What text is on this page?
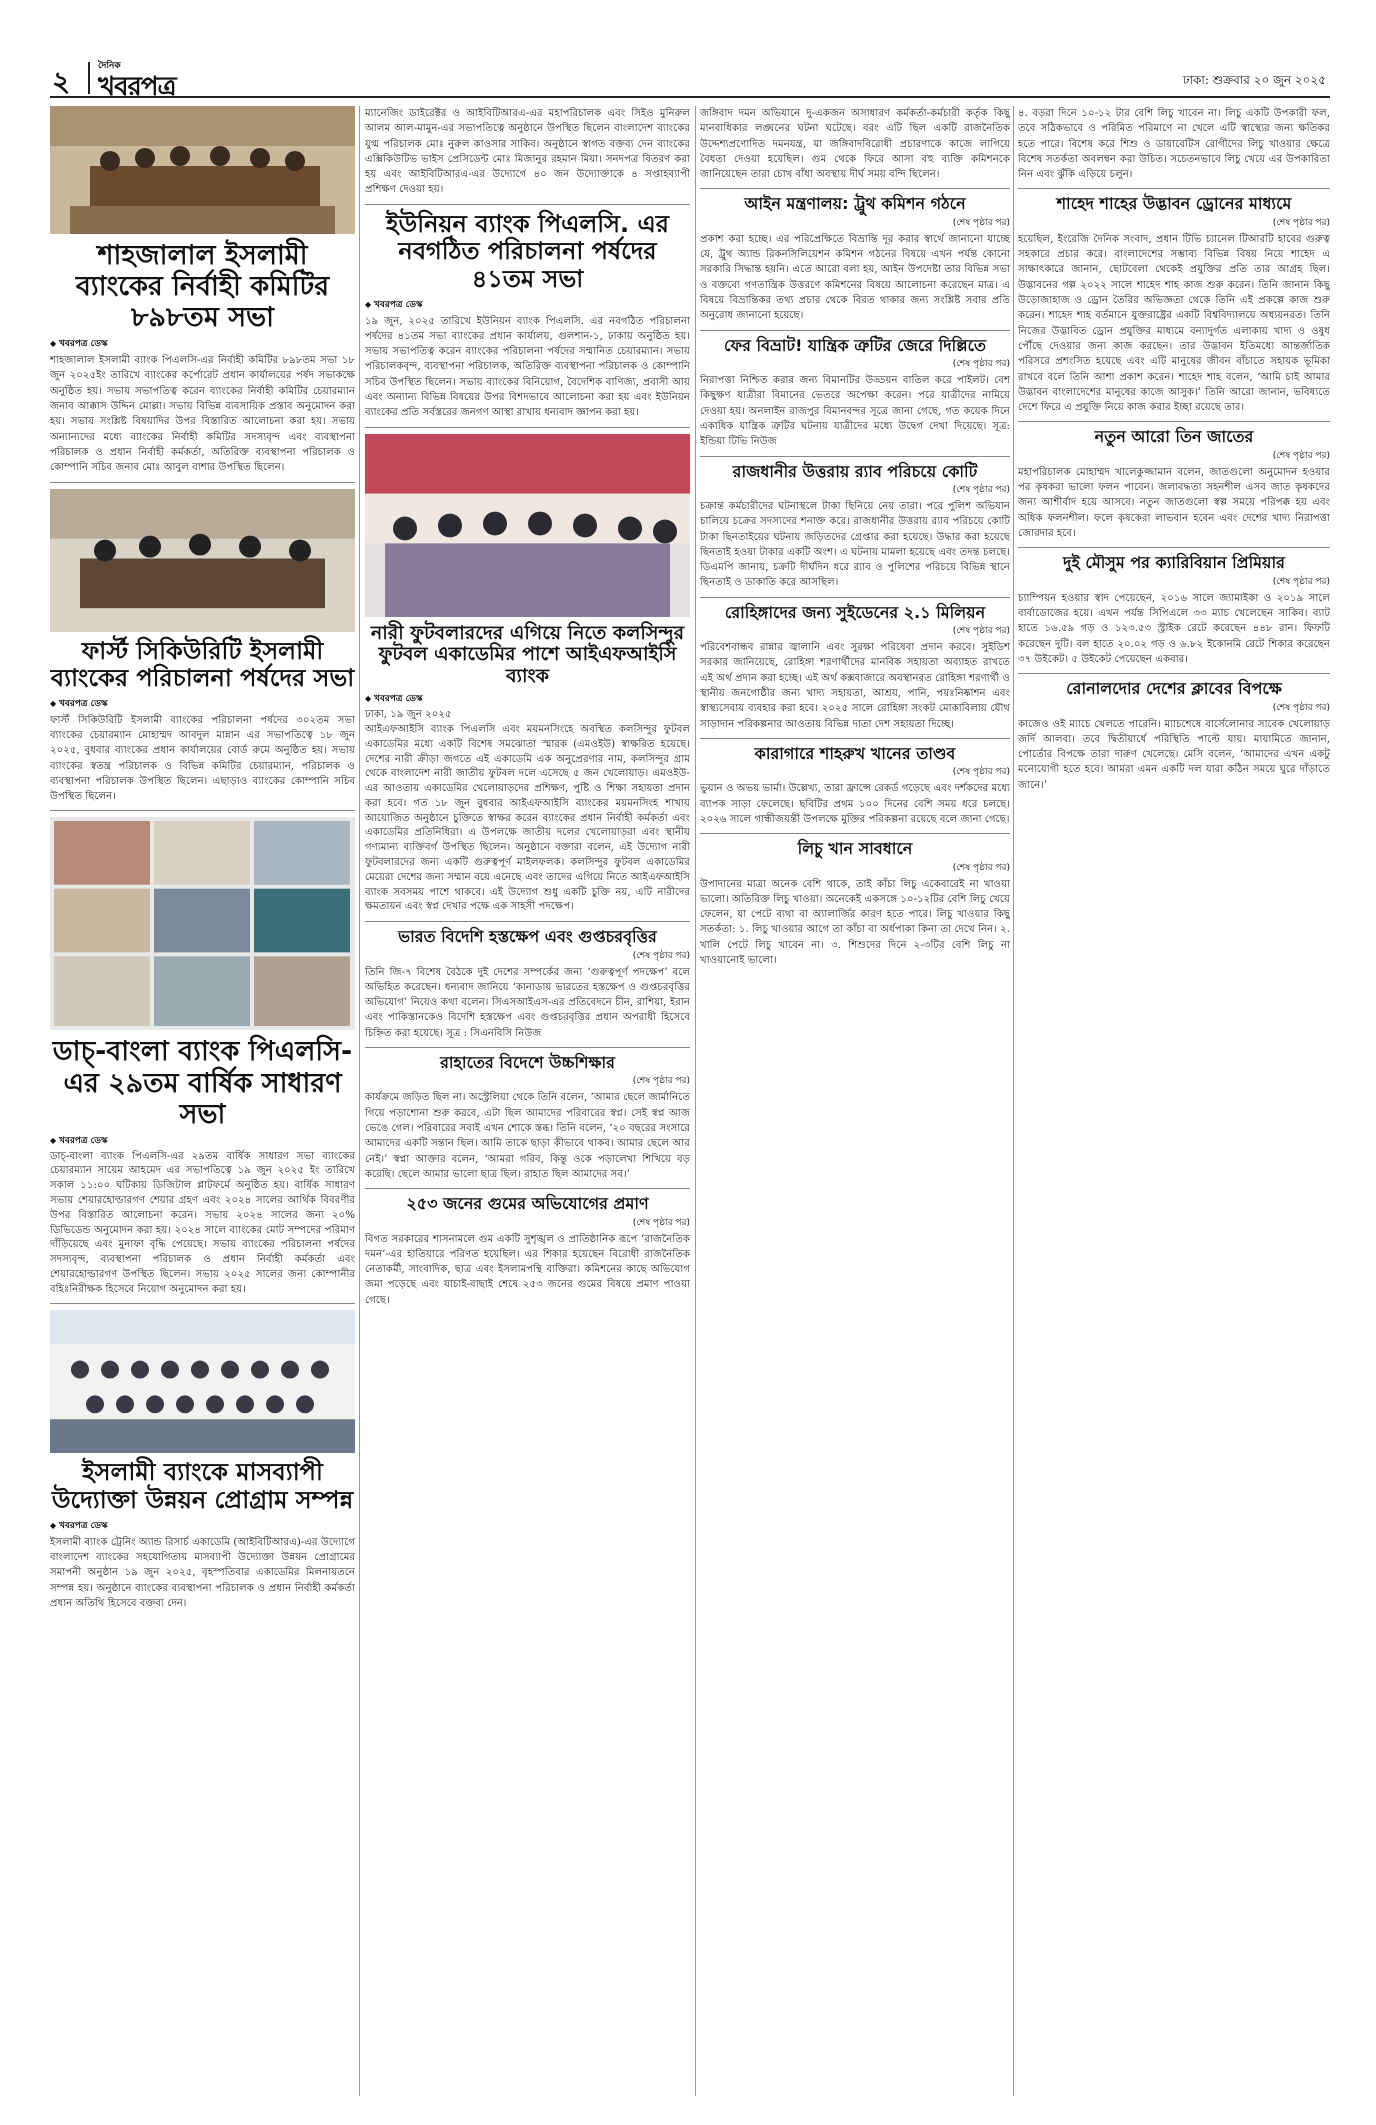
২	দৈনিক
খবরপত্র	ঢাকা: শুক্রবার ২০ জুন ২০২৫
শাহজালাল ইসলামী ব্যাংকের নির্বাহী কমিটির ৮৯৮তম সভা
◆ খবরপত্র ডেস্ক
শাহজালাল ইসলামী ব্যাংক পিএলসি-এর নির্বাহী কমিটির ৮৯৮তম সভা ১৮ জুন ২০২৫ইং তারিখে ব্যাংকের কর্পোরেট প্রধান কার্যালয়ের পর্ষদ সভাকক্ষে অনুষ্ঠিত হয়। সভায় সভাপতিত্ব করেন ব্যাংকের নির্বাহী কমিটির চেয়ারম্যান জনাব আক্কাস উদ্দিন মোল্লা। সভায় বিভিন্ন ব্যবসায়িক প্রস্তাব অনুমোদন করা হয়। সভায় সংশ্লিষ্ট বিষয়াদির উপর বিস্তারিত আলোচনা করা হয়। সভায় অন্যান্যদের মধ্যে ব্যাংকের নির্বাহী কমিটির সদস্যবৃন্দ এবং ব্যবস্থাপনা পরিচালক ও প্রধান নির্বাহী কর্মকর্তা, অতিরিক্ত ব্যবস্থাপনা পরিচালক ও কোম্পানি সচিব জনাব মোঃ আবুল বাশার উপস্থিত ছিলেন।
ফার্স্ট সিকিউরিটি ইসলামী ব্যাংকের পরিচালনা পর্ষদের সভা
◆ খবরপত্র ডেস্ক
ফার্স্ট সিকিউরিটি ইসলামী ব্যাংকের পরিচালনা পর্ষদের ৩০২তম সভা ব্যাংকের চেয়ারম্যান মোহাম্মদ আবদুল মান্নান এর সভাপতিত্বে ১৮ জুন ২০২৫, বুধবার ব্যাংকের প্রধান কার্যালয়ের বোর্ড রুমে অনুষ্ঠিত হয়। সভায় ব্যাংকের স্বতন্ত্র পরিচালক ও বিভিন্ন কমিটির চেয়ারম্যান, পরিচালক ও ব্যবস্থাপনা পরিচালক উপস্থিত ছিলেন। এছাড়াও ব্যাংকের কোম্পানি সচিব উপস্থিত ছিলেন।
ডাচ্-বাংলা ব্যাংক পিএলসি-এর ২৯তম বার্ষিক সাধারণ সভা
◆ খবরপত্র ডেস্ক
ডাচ্-বাংলা ব্যাংক পিএলসি-এর ২৯তম বার্ষিক সাধারণ সভা ব্যাংকের চেয়ারম্যান সায়েম আহমেদ এর সভাপতিত্বে ১৯ জুন ২০২৫ ইং তারিখে সকাল ১১:০০ ঘটিকায় ডিজিটাল প্লাটফর্মে অনুষ্ঠিত হয়। বার্ষিক সাধারণ সভায় শেয়ারহোল্ডারগণ শেয়ার গ্রহণ এবং ২০২৪ সালের আর্থিক বিবরণীর উপর বিস্তারিত আলোচনা করেন। সভায় ২০২৪ সালের জন্য ২০% ডিভিডেন্ড অনুমোদন করা হয়। ২০২৪ সালে ব্যাংকের মোট সম্পদের পরিমাণ দাঁড়িয়েছে এবং মুনাফা বৃদ্ধি পেয়েছে। সভায় ব্যাংকের পরিচালনা পর্ষদের সদস্যবৃন্দ, ব্যবস্থাপনা পরিচালক ও প্রধান নির্বাহী কর্মকর্তা এবং শেয়ারহোল্ডারগণ উপস্থিত ছিলেন। সভায় ২০২৫ সালের জন্য কোম্পানীর বহিঃনিরীক্ষক হিসেবে নিয়োগ অনুমোদন করা হয়।
ইসলামী ব্যাংকে মাসব্যাপী উদ্যোক্তা উন্নয়ন প্রোগ্রাম সম্পন্ন
◆ খবরপত্র ডেস্ক
ইসলামী ব্যাংক ট্রেনিং অ্যান্ড রিসার্চ একাডেমি (আইবিটিআরএ)-এর উদ্যোগে বাংলাদেশ ব্যাংকের সহযোগিতায় মাসব্যাপী উদ্যোক্তা উন্নয়ন প্রোগ্রামের সমাপনী অনুষ্ঠান ১৯ জুন ২০২৫, বৃহস্পতিবার একাডেমির মিলনায়তনে সম্পন্ন হয়। অনুষ্ঠানে ব্যাংকের ব্যবস্থাপনা পরিচালক ও প্রধান নির্বাহী কর্মকর্তা প্রধান অতিথি হিসেবে বক্তব্য দেন।
ম্যানেজিং ডাইরেক্টর ও আইবিটিআরএ-এর মহাপরিচালক এবং সিইও মুনিরুল আলম আল-মামুন-এর সভাপতিত্বে অনুষ্ঠানে উপস্থিত ছিলেন বাংলাদেশ ব্যাংকের যুগ্ম পরিচালক মোঃ নুরুল কাওসার সাকিব। অনুষ্ঠানে স্বাগত বক্তব্য দেন ব্যাংকের এক্সিকিউটিভ ভাইস প্রেসিডেন্ট মোঃ মিজানুর রহমান মিয়া। সনদপত্র বিতরণ করা হয় এবং আইবিটিআরএ-এর উদ্যোগে ৪০ জন উদ্যোক্তাকে ৪ সপ্তাহব্যাপী প্রশিক্ষণ দেওয়া হয়।
ইউনিয়ন ব্যাংক পিএলসি. এর নবগঠিত পরিচালনা পর্ষদের ৪১তম সভা
◆ খবরপত্র ডেস্ক
১৯ জুন, ২০২৫ তারিখে ইউনিয়ন ব্যাংক পিএলসি. এর নবগঠিত পরিচালনা পর্ষদের ৪১তম সভা ব্যাংকের প্রধান কার্যালয়, গুলশান-১, ঢাকায় অনুষ্ঠিত হয়। সভায় সভাপতিত্ব করেন ব্যাংকের পরিচালনা পর্ষদের সম্মানিত চেয়ারম্যান। সভায় পরিচালকবৃন্দ, ব্যবস্থাপনা পরিচালক, অতিরিক্ত ব্যবস্থাপনা পরিচালক ও কোম্পানি সচিব উপস্থিত ছিলেন। সভায় ব্যাংকের বিনিয়োগ, বৈদেশিক বাণিজ্য, প্রবাসী আয় এবং অন্যান্য বিভিন্ন বিষয়ের উপর বিশদভাবে আলোচনা করা হয় এবং ইউনিয়ন ব্যাংকের প্রতি সর্বস্তরের জনগণ আস্থা রাখায় ধন্যবাদ জ্ঞাপন করা হয়।
নারী ফুটবলারদের এগিয়ে নিতে কলসিন্দুর ফুটবল একাডেমির পাশে আইএফআইসি ব্যাংক
◆ খবরপত্র ডেস্ক
ঢাকা, ১৯ জুন ২০২৫
আইএফআইসি ব্যাংক পিএলসি এবং ময়মনসিংহে অবস্থিত কলসিন্দুর ফুটবল একাডেমির মধ্যে একটি বিশেষ সমঝোতা স্মারক (এমওইউ) স্বাক্ষরিত হয়েছে। দেশের নারী ক্রীড়া জগতে এই একাডেমি এক অনুপ্রেরণার নাম, কলসিন্দুর গ্রাম থেকে বাংলাদেশ নারী জাতীয় ফুটবল দলে এসেছে ৫ জন খেলোয়াড়। এমওইউ-এর আওতায় একাডেমির খেলোয়াড়দের প্রশিক্ষণ, পুষ্টি ও শিক্ষা সহায়তা প্রদান করা হবে। গত ১৮ জুন বুধবার আইএফআইসি ব্যাংকের ময়মনসিংহ শাখায় আয়োজিত অনুষ্ঠানে চুক্তিতে স্বাক্ষর করেন ব্যাংকের প্রধান নির্বাহী কর্মকর্তা এবং একাডেমির প্রতিনিধিরা। এ উপলক্ষে জাতীয় দলের খেলোয়াড়রা এবং স্থানীয় গণ্যমান্য ব্যক্তিবর্গ উপস্থিত ছিলেন। অনুষ্ঠানে বক্তারা বলেন, এই উদ্যোগ নারী ফুটবলারদের জন্য একটি গুরুত্বপূর্ণ মাইলফলক। কলসিন্দুর ফুটবল একাডেমির মেয়েরা দেশের জন্য সম্মান বয়ে এনেছে এবং তাদের এগিয়ে নিতে আইএফআইসি ব্যাংক সবসময় পাশে থাকবে। এই উদ্যোগ শুধু একটি চুক্তি নয়, এটি নারীদের ক্ষমতায়ন এবং স্বপ্ন দেখার পক্ষে এক সাহসী পদক্ষেপ।
ভারত বিদেশি হস্তক্ষেপ এবং গুপ্তচরবৃত্তির
(শেষ পৃষ্ঠার পর)
তিনি জি-৭ বিশেষ বৈঠকে দুই দেশের সম্পর্কের জন্য ‘গুরুত্বপূর্ণ পদক্ষেপ’ বলে অভিহিত করেছেন। ধন্যবাদ জানিয়ে ‘কানাডায় ভারতের হস্তক্ষেপ ও গুপ্তচরবৃত্তির অভিযোগ’ নিয়েও কথা বলেন। সিএসআইএস-এর প্রতিবেদনে চীন, রাশিয়া, ইরান এবং পাকিস্তানকেও বিদেশি হস্তক্ষেপ এবং গুপ্তচরবৃত্তির প্রধান অপরাধী হিসেবে চিহ্নিত করা হয়েছে। সূত্র : সিএনবিসি নিউজ
রাহাতের বিদেশে উচ্চশিক্ষার
(শেষ পৃষ্ঠার পর)
কার্যক্রমে জড়িত ছিল না। অস্ট্রেলিয়া থেকে তিনি বলেন, ‘আমার ছেলে জার্মানিতে গিয়ে পড়াশোনা শুরু করবে, এটা ছিল আমাদের পরিবারের স্বপ্ন। সেই স্বপ্ন আজ ভেঙে গেল। পরিবারের সবাই এখন শোকে স্তব্ধ। তিনি বলেন, ‘২০ বছরের সংসারে আমাদের একটি সন্তান ছিল। আমি তাকে ছাড়া কীভাবে থাকব। আমার ছেলে আর নেই।’ স্বপ্না আক্তার বলেন, ‘আমরা গরিব, কিন্তু ওকে পড়ালেখা শিখিয়ে বড় করেছি। ছেলে আমার ভালো ছাত্র ছিল। রাহাত ছিল আমাদের সব।’
২৫৩ জনের গুমের অভিযোগের প্রমাণ
(শেষ পৃষ্ঠার পর)
বিগত সরকারের শাসনামলে গুম একটি সুশৃঙ্খল ও প্রাতিষ্ঠানিক রূপে ‘রাজনৈতিক দমন’-এর হাতিয়ারে পরিণত হয়েছিল। এর শিকার হয়েছেন বিরোধী রাজনৈতিক নেতাকর্মী, সাংবাদিক, ছাত্র এবং ইসলামপন্থি ব্যক্তিরা। কমিশনের কাছে অভিযোগ জমা পড়েছে এবং যাচাই-বাছাই শেষে ২৫৩ জনের গুমের বিষয়ে প্রমাণ পাওয়া গেছে।
জঙ্গিবাদ দমন অভিযানে দু-একজন অসাধারণ কর্মকর্তা-কর্মচারী কর্তৃক কিছু মানবাধিকার লঙ্ঘনের ঘটনা ঘটেছে। বরং এটি ছিল একটি রাজনৈতিক উদ্দেশ্যপ্রণোদিত দমনযন্ত্র, যা জঙ্গিবাদবিরোধী প্রচারণাকে কাজে লাগিয়ে বৈধতা দেওয়া হয়েছিল। গুম থেকে ফিরে আসা বহু ব্যক্তি কমিশনকে জানিয়েছেন তারা চোখ বাঁধা অবস্থায় দীর্ঘ সময় বন্দি ছিলেন।
আইন মন্ত্রণালয়: ট্রুথ কমিশন গঠনে
(শেষ পৃষ্ঠার পর)
প্রকাশ করা হচ্ছে। এর পরিপ্রেক্ষিতে বিভ্রান্তি দূর করার স্বার্থে জানানো যাচ্ছে যে, ট্রুথ অ্যান্ড রিকনসিলিয়েশন কমিশন গঠনের বিষয়ে এখন পর্যন্ত কোনো সরকারি সিদ্ধান্ত হয়নি। এতে আরো বলা হয়, আইন উপদেষ্টা তার বিভিন্ন সভা ও বক্তব্যে গণতান্ত্রিক উত্তরণে কমিশনের বিষয়ে আলোচনা করেছেন মাত্র। এ বিষয়ে বিভ্রান্তিকর তথ্য প্রচার থেকে বিরত থাকার জন্য সংশ্লিষ্ট সবার প্রতি অনুরোধ জানানো হয়েছে।
ফের বিভ্রাট! যান্ত্রিক ত্রুটির জেরে দিল্লিতে
(শেষ পৃষ্ঠার পর)
নিরাপত্তা নিশ্চিত করার জন্য বিমানটির উড্ডয়ন বাতিল করে পাইলট। বেশ কিছুক্ষণ যাত্রীরা বিমানের ভেতরে অপেক্ষা করেন। পরে যাত্রীদের নামিয়ে দেওয়া হয়। অনলাইন রাজপুর বিমানবন্দর সূত্রে জানা গেছে, গত কয়েক দিনে একাধিক যান্ত্রিক ত্রুটির ঘটনায় যাত্রীদের মধ্যে উদ্বেগ দেখা দিয়েছে। সূত্র: ইন্ডিয়া টিভি নিউজ
রাজধানীর উত্তরায় র‍্যাব পরিচয়ে কোটি
(শেষ পৃষ্ঠার পর)
চক্রান্ত কর্মচারীদের ঘটনাস্থলে টাকা ছিনিয়ে নেয় তারা। পরে পুলিশ অভিযান চালিয়ে চক্রের সদস্যদের শনাক্ত করে। রাজধানীর উত্তরায় র‍্যাব পরিচয়ে কোটি টাকা ছিনতাইয়ের ঘটনায় জড়িতদের গ্রেপ্তার করা হয়েছে। উদ্ধার করা হয়েছে ছিনতাই হওয়া টাকার একটি অংশ। এ ঘটনায় মামলা হয়েছে এবং তদন্ত চলছে। ডিএমপি জানায়, চক্রটি দীর্ঘদিন ধরে র‍্যাব ও পুলিশের পরিচয়ে বিভিন্ন স্থানে ছিনতাই ও ডাকাতি করে আসছিল।
রোহিঙ্গাদের জন্য সুইডেনের ২.১ মিলিয়ন
(শেষ পৃষ্ঠার পর)
পরিবেশবান্ধব রান্নার জ্বালানি এবং সুরক্ষা পরিষেবা প্রদান করবে। সুইডিশ সরকার জানিয়েছে, রোহিঙ্গা শরণার্থীদের মানবিক সহায়তা অব্যাহত রাখতে এই অর্থ প্রদান করা হচ্ছে। এই অর্থ কক্সবাজারে অবস্থানরত রোহিঙ্গা শরণার্থী ও স্থানীয় জনগোষ্ঠীর জন্য খাদ্য সহায়তা, আশ্রয়, পানি, পয়ঃনিষ্কাশন এবং স্বাস্থ্যসেবায় ব্যবহার করা হবে। ২০২৫ সালে রোহিঙ্গা সংকট মোকাবিলায় যৌথ সাড়াদান পরিকল্পনার আওতায় বিভিন্ন দাতা দেশ সহায়তা দিচ্ছে।
কারাগারে শাহরুখ খানের তাণ্ডব
(শেষ পৃষ্ঠার পর)
ভুয়ান ও অভয় ভার্মা। উল্লেখ্য, তারা ফ্রান্সে রেকর্ড গড়েছে এবং দর্শকদের মধ্যে ব্যাপক সাড়া ফেলেছে। ছবিটির প্রথম ১০০ দিনের বেশি সময় ধরে চলছে। ২০২৬ সালে গান্ধীজয়ন্তী উপলক্ষে মুক্তির পরিকল্পনা রয়েছে বলে জানা গেছে।
লিচু খান সাবধানে
(শেষ পৃষ্ঠার পর)
উপাদানের মাত্রা অনেক বেশি থাকে, তাই কাঁচা লিচু একেবারেই না খাওয়া ভালো। অতিরিক্ত লিচু খাওয়া। অনেকেই একসঙ্গে ১০-১২টির বেশি লিচু খেয়ে ফেলেন, যা পেটে ব্যথা বা অ্যালার্জির কারণ হতে পারে। লিচু খাওয়ার কিছু সতর্কতা: ১. লিচু খাওয়ার আগে তা কাঁচা বা অর্ধপাকা কিনা তা দেখে নিন। ২. খালি পেটে লিচু খাবেন না। ৩. শিশুদের দিনে ২-৩টির বেশি লিচু না খাওয়ানোই ভালো।
৪. বড়রা দিনে ১০-১২ টার বেশি লিচু খাবেন না। লিচু একটি উপকারী ফল, তবে সঠিকভাবে ও পরিমিত পরিমাণে না খেলে এটি স্বাস্থ্যের জন্য ক্ষতিকর হতে পারে। বিশেষ করে শিশু ও ডায়াবেটিস রোগীদের লিচু খাওয়ার ক্ষেত্রে বিশেষ সতর্কতা অবলম্বন করা উচিত। সচেতনভাবে লিচু খেয়ে এর উপকারিতা নিন এবং ঝুঁকি এড়িয়ে চলুন।
শাহেদ শাহের উদ্ভাবন ড্রোনের মাধ্যমে
(শেষ পৃষ্ঠার পর)
হয়েছিল, ইংরেজি দৈনিক সংবাদ, প্রধান টিভি চ্যানেল টিআরটি হাবের গুরুত্ব সহকারে প্রচার করে। বাংলাদেশের সম্ভাব্য বিভিন্ন বিষয় নিয়ে শাহেদ এ সাক্ষাৎকারে জানান, ছোটবেলা থেকেই প্রযুক্তির প্রতি তার আগ্রহ ছিল। উদ্ভাবনের গল্প ২০২২ সালে শাহেদ শাহ কাজ শুরু করেন। তিনি জানান কিছু উড়োজাহাজ ও ড্রোন তৈরির অভিজ্ঞতা থেকে তিনি এই প্রকল্পে কাজ শুরু করেন। শাহেদ শাহ বর্তমানে যুক্তরাষ্ট্রের একটি বিশ্ববিদ্যালয়ে অধ্যয়নরত। তিনি নিজের উদ্ভাবিত ড্রোন প্রযুক্তির মাধ্যমে বন্যাদুর্গত এলাকায় খাদ্য ও ওষুধ পৌঁছে দেওয়ার জন্য কাজ করছেন। তার উদ্ভাবন ইতিমধ্যে আন্তর্জাতিক পরিসরে প্রশংসিত হয়েছে এবং এটি মানুষের জীবন বাঁচাতে সহায়ক ভূমিকা রাখবে বলে তিনি আশা প্রকাশ করেন। শাহেদ শাহ বলেন, ‘আমি চাই আমার উদ্ভাবন বাংলাদেশের মানুষের কাজে আসুক।’ তিনি আরো জানান, ভবিষ্যতে দেশে ফিরে এ প্রযুক্তি নিয়ে কাজ করার ইচ্ছা রয়েছে তার।
নতুন আরো তিন জাতের
(শেষ পৃষ্ঠার পর)
মহাপরিচালক মোহাম্মদ খালেকুজ্জামান বলেন, জাতগুলো অনুমোদন হওয়ার পর কৃষকরা ভালো ফলন পাবেন। জলাবদ্ধতা সহনশীল এসব জাত কৃষকদের জন্য আশীর্বাদ হয়ে আসবে। নতুন জাতগুলো স্বল্প সময়ে পরিপক্ক হয় এবং অধিক ফলনশীল। ফলে কৃষকেরা লাভবান হবেন এবং দেশের খাদ্য নিরাপত্তা জোরদার হবে।
দুই মৌসুম পর ক্যারিবিয়ান প্রিমিয়ার
(শেষ পৃষ্ঠার পর)
চ্যাম্পিয়ন হওয়ার স্বাদ পেয়েছেন, ২০১৬ সালে জ্যামাইকা ও ২০১৯ সালে বার্বাডোজের হয়ে। এখন পর্যন্ত সিপিএলে ৩৩ ম্যাচ খেলেছেন সাকিব। ব্যাট হাতে ১৬.৫৯ গড় ও ১২৩.৫৩ স্ট্রাইক রেটে করেছেন ৪৪৮ রান। ফিফটি করেছেন দুটি। বল হাতে ২০.০২ গড় ও ৬.৮২ ইকোনমি রেটে শিকার করেছেন ৩৭ উইকেট। ৫ উইকেট পেয়েছেন একবার।
রোনালদোর দেশের ক্লাবের বিপক্ষে
(শেষ পৃষ্ঠার পর)
কাজেও ওই ম্যাচে খেলতে পারেনি। ম্যাচশেষে বার্সেলোনার সাবেক খেলোয়াড় জর্দি আলবা। তবে দ্বিতীয়ার্ধে পরিস্থিতি পাল্টে যায়। মায়ামিতে জানান, পোর্তোর বিপক্ষে তারা দারুণ খেলেছে। মেসি বলেন, ‘আমাদের এখন একটু মনোযোগী হতে হবে। আমরা এমন একটি দল যারা কঠিন সময়ে ঘুরে দাঁড়াতে জানে।’
